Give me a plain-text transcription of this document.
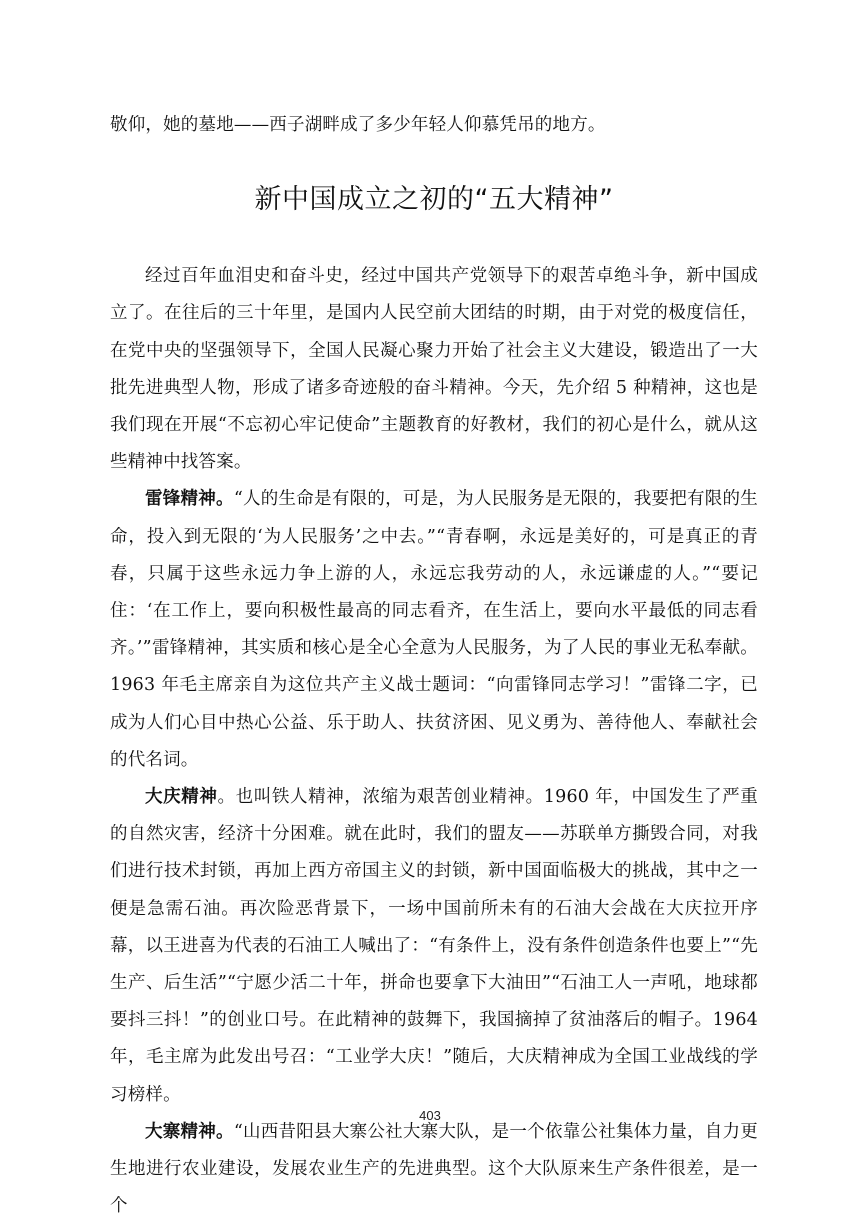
敬仰，她的墓地——西子湖畔成了多少年轻人仰慕凭吊的地方。

新中国成立之初的“五大精神”

经过百年血泪史和奋斗史，经过中国共产党领导下的艰苦卓绝斗争，新中国成立了。在往后的三十年里，是国内人民空前大团结的时期，由于对党的极度信任，在党中央的坚强领导下，全国人民凝心聚力开始了社会主义大建设，锻造出了一大批先进典型人物，形成了诸多奇迹般的奋斗精神。今天，先介绍 5 种精神，这也是我们现在开展“不忘初心牢记使命”主题教育的好教材，我们的初心是什么，就从这些精神中找答案。

雷锋精神。“人的生命是有限的，可是，为人民服务是无限的，我要把有限的生命，投入到无限的‘为人民服务’之中去。”“青春啊，永远是美好的，可是真正的青春，只属于这些永远力争上游的人，永远忘我劳动的人，永远谦虚的人。”“要记住：‘在工作上，要向积极性最高的同志看齐，在生活上，要向水平最低的同志看齐。’”雷锋精神，其实质和核心是全心全意为人民服务，为了人民的事业无私奉献。1963 年毛主席亲自为这位共产主义战士题词：“向雷锋同志学习！”雷锋二字，已成为人们心目中热心公益、乐于助人、扶贫济困、见义勇为、善待他人、奉献社会的代名词。

大庆精神。也叫铁人精神，浓缩为艰苦创业精神。1960 年，中国发生了严重的自然灾害，经济十分困难。就在此时，我们的盟友——苏联单方撕毁合同，对我们进行技术封锁，再加上西方帝国主义的封锁，新中国面临极大的挑战，其中之一便是急需石油。再次险恶背景下，一场中国前所未有的石油大会战在大庆拉开序幕，以王进喜为代表的石油工人喊出了：“有条件上，没有条件创造条件也要上”“先生产、后生活”“宁愿少活二十年，拼命也要拿下大油田”“石油工人一声吼，地球都要抖三抖！”的创业口号。在此精神的鼓舞下，我国摘掉了贫油落后的帽子。1964 年，毛主席为此发出号召：“工业学大庆！”随后，大庆精神成为全国工业战线的学习榜样。

大寨精神。“山西昔阳县大寨公社大寨大队，是一个依靠公社集体力量，自力更生地进行农业建设，发展农业生产的先进典型。这个大队原来生产条件很差，是一个

403
